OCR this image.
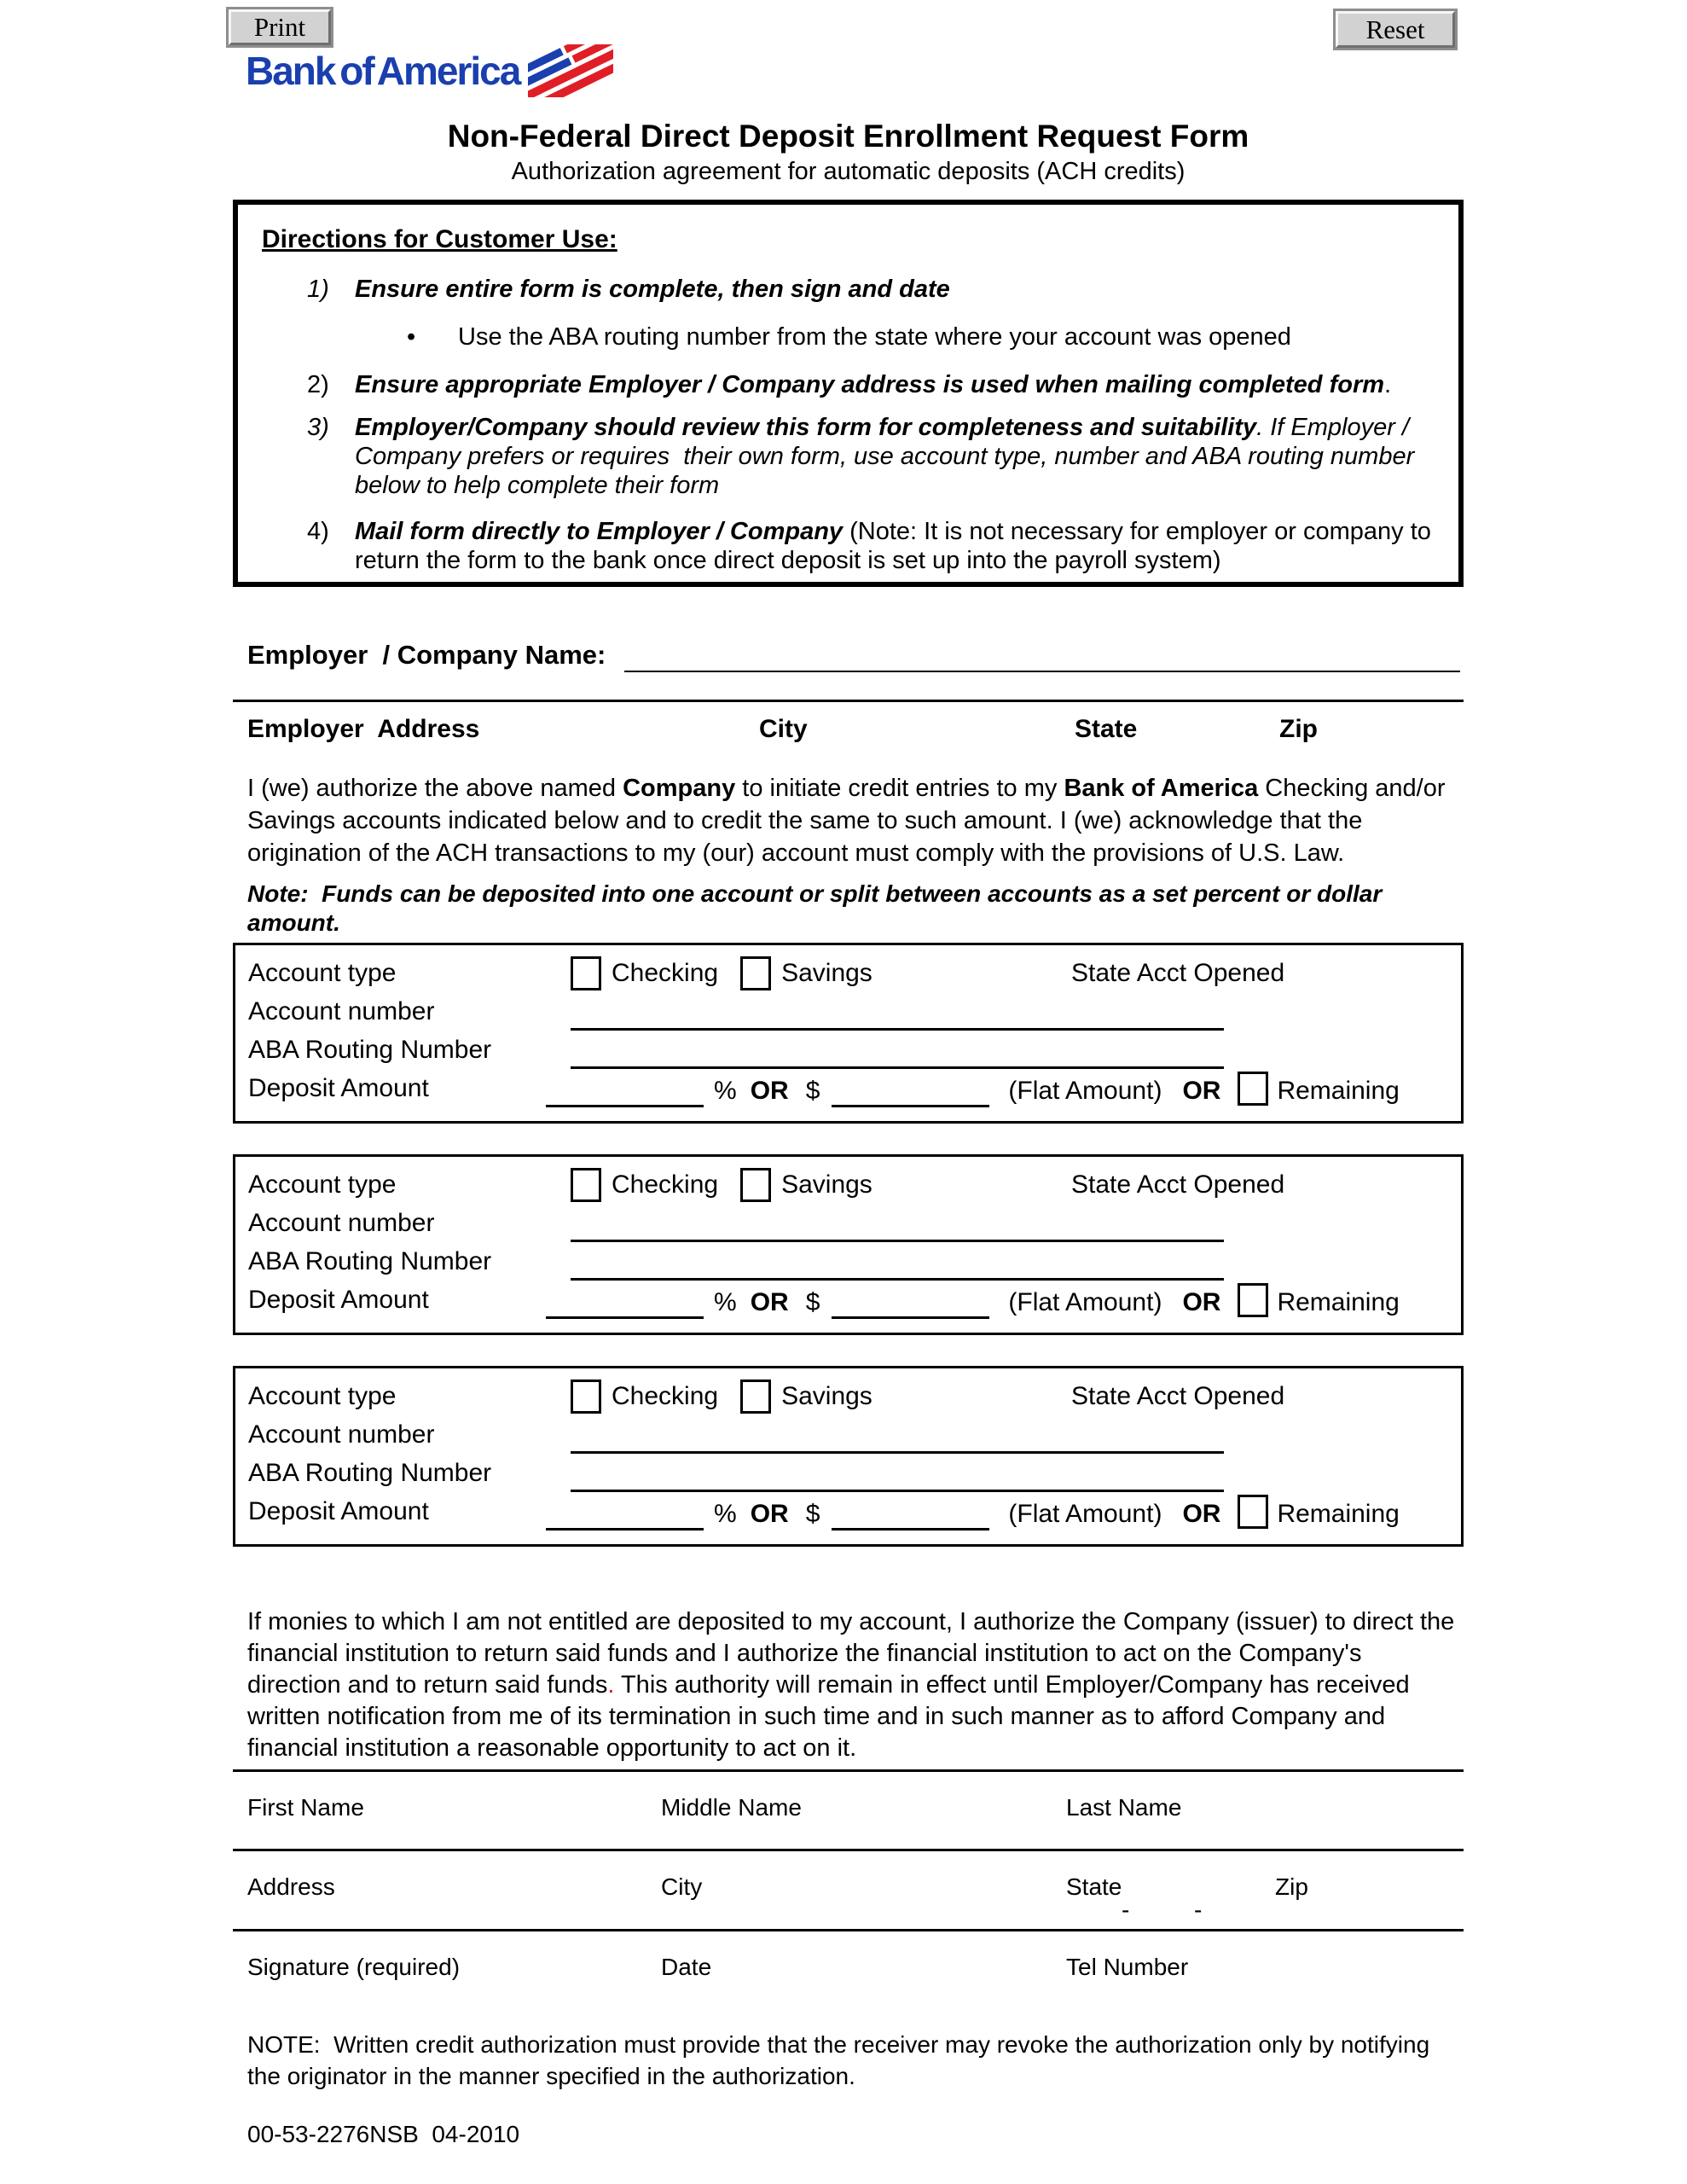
Print	Reset
Bank of America
Non-Federal Direct Deposit Enrollment Request Form
Authorization agreement for automatic deposits (ACH credits)
Directions for Customer Use:
1)	Ensure entire form is complete, then sign and date
•	Use the ABA routing number from the state where your account was opened
2)	Ensure appropriate Employer / Company address is used when mailing completed form.
3)	Employer/Company should review this form for completeness and suitability. If Employer / Company prefers or requires  their own form, use account type, number and ABA routing number below to help complete their form
4)	Mail form directly to Employer / Company (Note: It is not necessary for employer or company to return the form to the bank once direct deposit is set up into the payroll system)
Employer  / Company Name:
Employer  Address	City	State	Zip
I (we) authorize the above named Company to initiate credit entries to my Bank of America Checking and/or Savings accounts indicated below and to credit the same to such amount. I (we) acknowledge that the origination of the ACH transactions to my (our) account must comply with the provisions of U.S. Law.
Note:  Funds can be deposited into one account or split between accounts as a set percent or dollar amount.
Account type	Checking Savings	State Acct Opened
Account number
ABA Routing Number
Deposit Amount	% OR $	(Flat Amount) OR Remaining
Account type	Checking Savings	State Acct Opened
Account number
ABA Routing Number
Deposit Amount	% OR $	(Flat Amount) OR Remaining
Account type	Checking Savings	State Acct Opened
Account number
ABA Routing Number
Deposit Amount	% OR $	(Flat Amount) OR Remaining
If monies to which I am not entitled are deposited to my account, I authorize the Company (issuer) to direct the financial institution to return said funds and I authorize the financial institution to act on the Company's direction and to return said funds. This authority will remain in effect until Employer/Company has received written notification from me of its termination in such time and in such manner as to afford Company and financial institution a reasonable opportunity to act on it.
First Name	Middle Name	Last Name
Address	City	State	Zip
-	-
Signature (required)	Date	Tel Number
NOTE:  Written credit authorization must provide that the receiver may revoke the authorization only by notifying the originator in the manner specified in the authorization.
00-53-2276NSB  04-2010
